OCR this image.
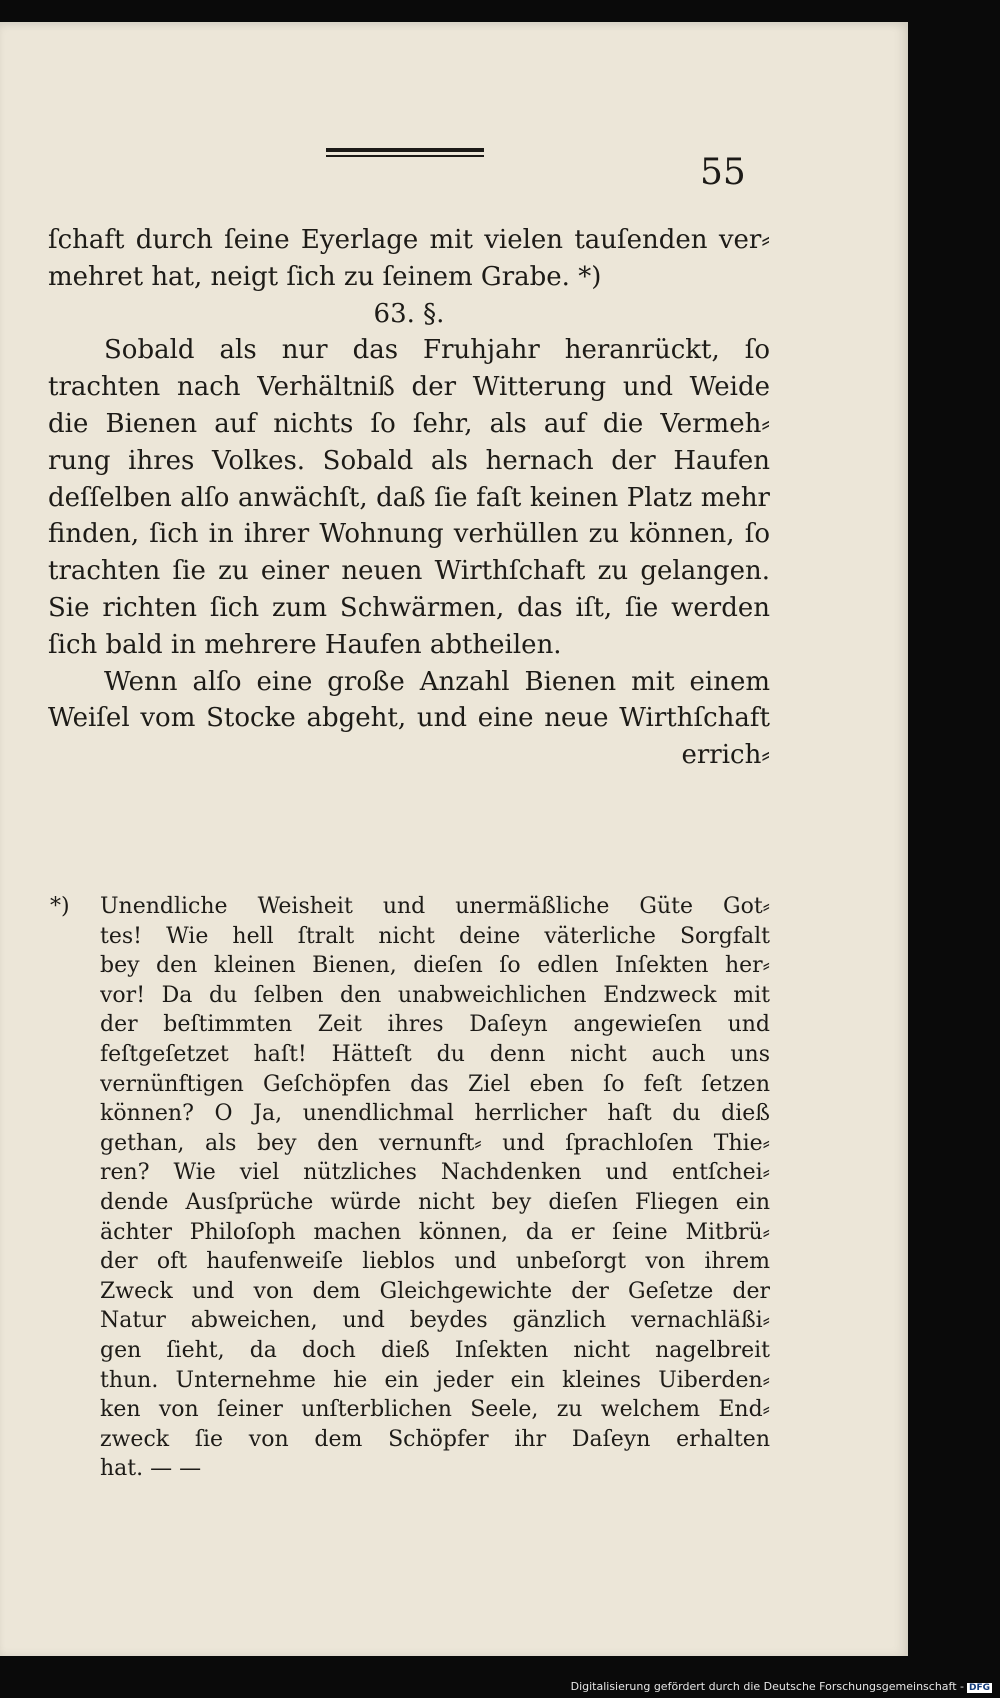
55
ſchaft durch ſeine Eyerlage mit vielen tauſenden ver⸗
mehret hat, neigt ſich zu ſeinem Grabe. *)
63. §.
Sobald als nur das Fruhjahr heranrückt, ſo
trachten nach Verhältniß der Witterung und Weide
die Bienen auf nichts ſo ſehr, als auf die Vermeh⸗
rung ihres Volkes. Sobald als hernach der Haufen
deſſelben alſo anwächſt, daß ſie faſt keinen Platz mehr
finden, ſich in ihrer Wohnung verhüllen zu können, ſo
trachten ſie zu einer neuen Wirthſchaft zu gelangen.
Sie richten ſich zum Schwärmen, das iſt, ſie werden
ſich bald in mehrere Haufen abtheilen.
Wenn alſo eine große Anzahl Bienen mit einem
Weiſel vom Stocke abgeht, und eine neue Wirthſchaft
errich⸗
*) Unendliche Weisheit und unermäßliche Güte Got⸗
tes! Wie hell ſtralt nicht deine väterliche Sorgfalt
bey den kleinen Bienen, dieſen ſo edlen Inſekten her⸗
vor! Da du ſelben den unabweichlichen Endzweck mit
der beſtimmten Zeit ihres Daſeyn angewieſen und
feſtgeſetzet haſt! Hätteſt du denn nicht auch uns
vernünftigen Geſchöpfen das Ziel eben ſo feſt ſetzen
können? O Ja, unendlichmal herrlicher haſt du dieß
gethan, als bey den vernunft⸗ und ſprachloſen Thie⸗
ren? Wie viel nützliches Nachdenken und entſchei⸗
dende Ausſprüche würde nicht bey dieſen Fliegen ein
ächter Philoſoph machen können, da er ſeine Mitbrü⸗
der oft haufenweiſe lieblos und unbeſorgt von ihrem
Zweck und von dem Gleichgewichte der Geſetze der
Natur abweichen, und beydes gänzlich vernachläßi⸗
gen ſieht, da doch dieß Inſekten nicht nagelbreit
thun. Unternehme hie ein jeder ein kleines Uiberden⸗
ken von ſeiner unſterblichen Seele, zu welchem End⸗
zweck ſie von dem Schöpfer ihr Daſeyn erhalten
hat. — —
Digitalisierung gefördert durch die Deutsche Forschungsgemeinschaft - DFG
